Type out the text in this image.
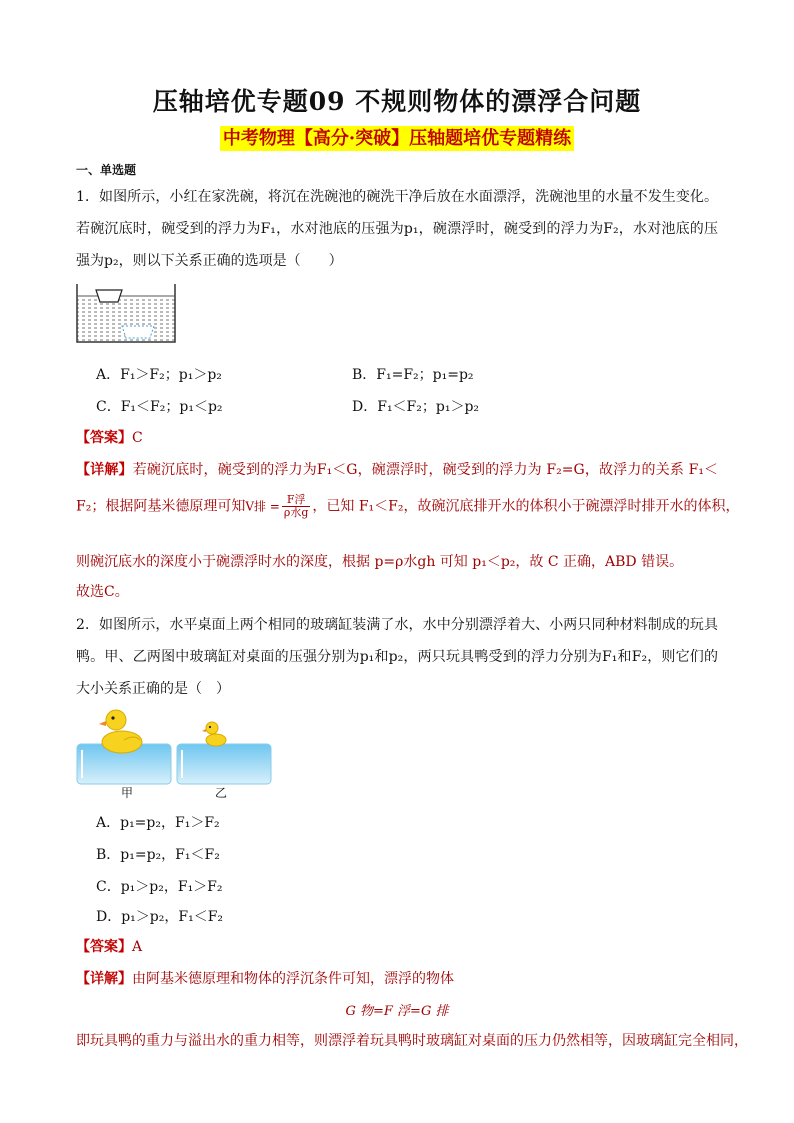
压轴培优专题09 不规则物体的漂浮合问题
中考物理【高分·突破】压轴题培优专题精练
一、单选题
1．如图所示，小红在家洗碗，将沉在洗碗池的碗洗干净后放在水面漂浮，洗碗池里的水量不发生变化。
若碗沉底时，碗受到的浮力为F₁，水对池底的压强为p₁，碗漂浮时，碗受到的浮力为F₂，水对池底的压
强为p₂，则以下关系正确的选项是（　　）
A．F₁＞F₂；p₁＞p₂	B．F₁=F₂；p₁=p₂
C．F₁＜F₂；p₁＜p₂	D．F₁＜F₂；p₁＞p₂
【答案】C
【详解】若碗沉底时，碗受到的浮力为F₁＜G，碗漂浮时，碗受到的浮力为 F₂=G，故浮力的关系 F₁＜
F₂；根据阿基米德原理可知V排 = $\frac{\text{F浮}}{\text{ρ水g}}$ ，已知 F₁＜F₂，故碗沉底排开水的体积小于碗漂浮时排开水的体积，
则碗沉底水的深度小于碗漂浮时水的深度，根据 p=ρ水gh 可知 p₁＜p₂，故 C 正确，ABD 错误。
故选C。
2．如图所示，水平桌面上两个相同的玻璃缸装满了水，水中分别漂浮着大、小两只同种材料制成的玩具
鸭。甲、乙两图中玻璃缸对桌面的压强分别为p₁和p₂，两只玩具鸭受到的浮力分别为F₁和F₂，则它们的
大小关系正确的是（　）
甲	乙
A．p₁=p₂，F₁＞F₂
B．p₁=p₂，F₁＜F₂
C．p₁＞p₂，F₁＞F₂
D．p₁＞p₂，F₁＜F₂
【答案】A
【详解】由阿基米德原理和物体的浮沉条件可知，漂浮的物体
G 物=F 浮=G 排
即玩具鸭的重力与溢出水的重力相等，则漂浮着玩具鸭时玻璃缸对桌面的压力仍然相等，因玻璃缸完全相同，
